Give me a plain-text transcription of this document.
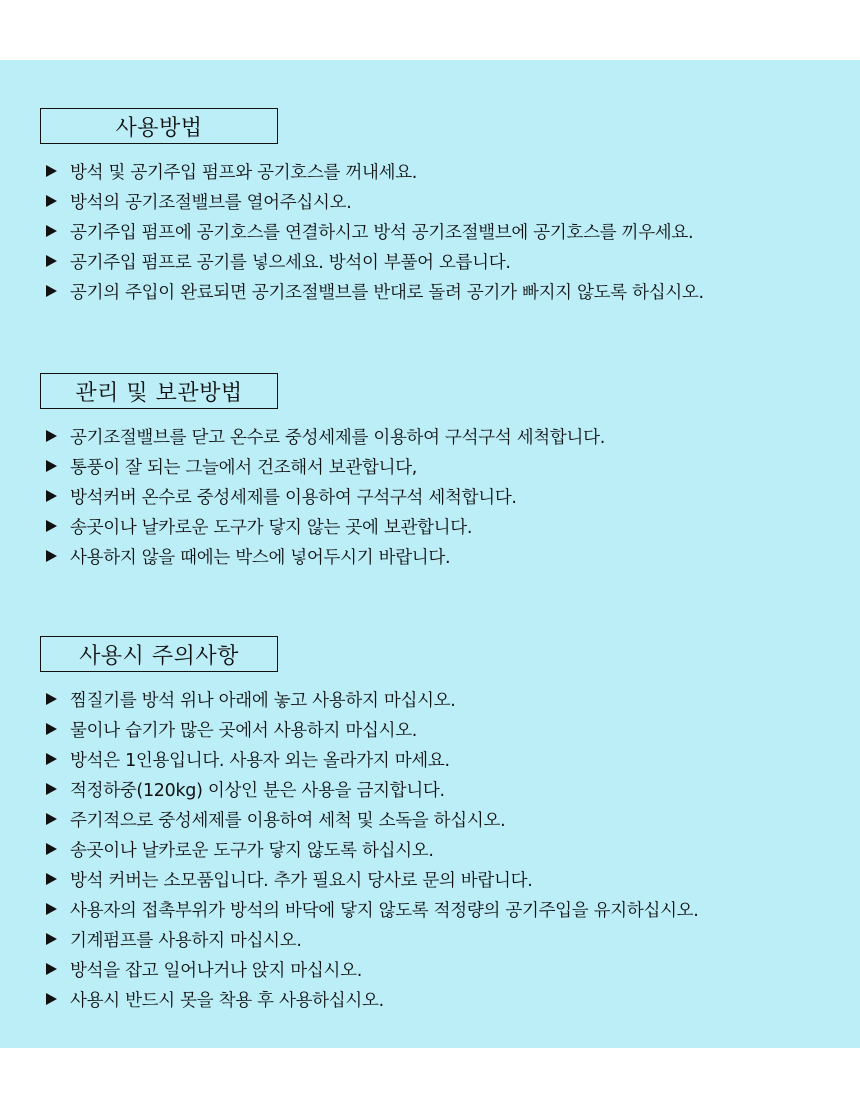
사용방법
방석 및 공기주입 펌프와 공기호스를 꺼내세요.
방석의 공기조절밸브를 열어주십시오.
공기주입 펌프에 공기호스를 연결하시고 방석 공기조절밸브에 공기호스를 끼우세요.
공기주입 펌프로 공기를 넣으세요. 방석이 부풀어 오릅니다.
공기의 주입이 완료되면 공기조절밸브를 반대로 돌려 공기가 빠지지 않도록 하십시오.
관리 및 보관방법
공기조절밸브를 닫고 온수로 중성세제를 이용하여 구석구석 세척합니다.
통풍이 잘 되는 그늘에서 건조해서 보관합니다,
방석커버 온수로 중성세제를 이용하여 구석구석 세척합니다.
송곳이나 날카로운 도구가 닿지 않는 곳에 보관합니다.
사용하지 않을 때에는 박스에 넣어두시기 바랍니다.
사용시 주의사항
찜질기를 방석 위나 아래에 놓고 사용하지 마십시오.
물이나 습기가 많은 곳에서 사용하지 마십시오.
방석은 1인용입니다. 사용자 외는 올라가지 마세요.
적정하중(120kg) 이상인 분은 사용을 금지합니다.
주기적으로 중성세제를 이용하여 세척 및 소독을 하십시오.
송곳이나 날카로운 도구가 닿지 않도록 하십시오.
방석 커버는 소모품입니다. 추가 필요시 당사로 문의 바랍니다.
사용자의 접촉부위가 방석의 바닥에 닿지 않도록 적정량의 공기주입을 유지하십시오.
기계펌프를 사용하지 마십시오.
방석을 잡고 일어나거나 앉지 마십시오.
사용시 반드시 못을 착용 후 사용하십시오.
